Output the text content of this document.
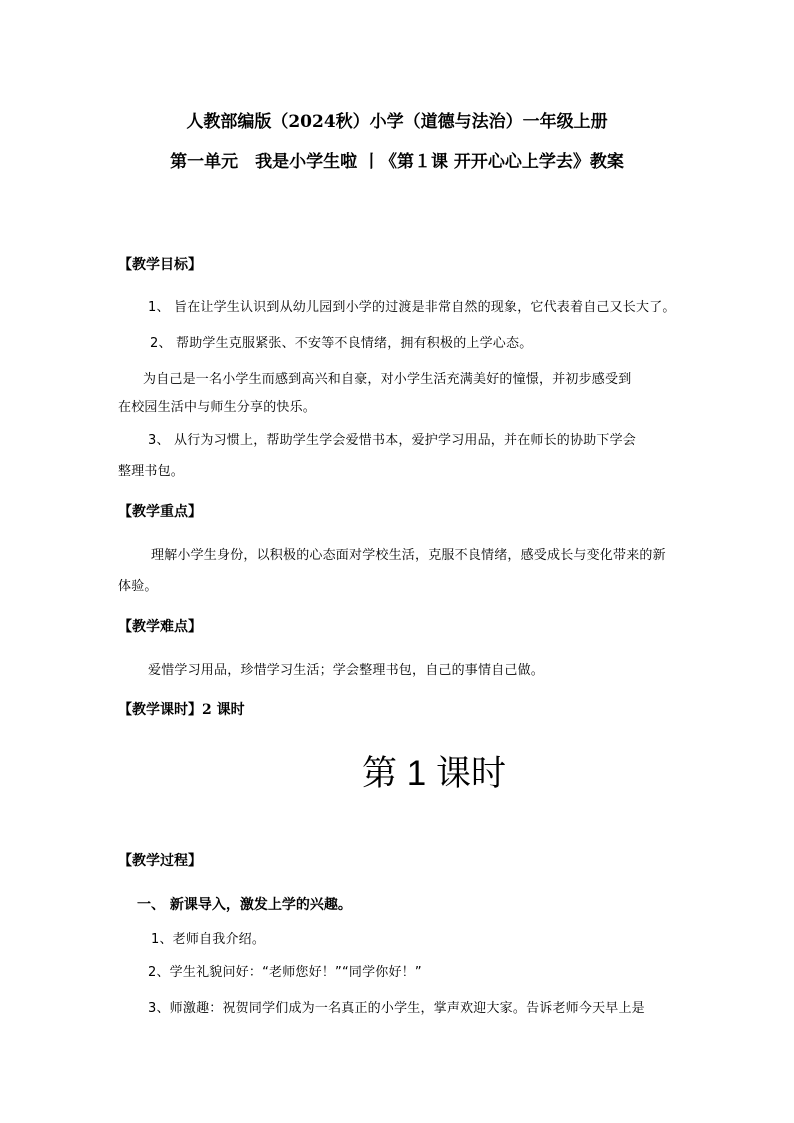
人教部编版（2024秋）小学（道德与法治）一年级上册
第一单元　我是小学生啦 丨《第１课 开开心心上学去》教案
【教学目标】

1、 旨在让学生认识到从幼儿园到小学的过渡是非常自然的现象，它代表着自己又长大了。

2、 帮助学生克服紧张、不安等不良情绪，拥有积极的上学心态。

为自己是一名小学生而感到高兴和自豪，对小学生活充满美好的憧憬，并初步感受到

在校园生活中与师生分享的快乐。

3、 从行为习惯上，帮助学生学会爱惜书本，爱护学习用品，并在师长的协助下学会

整理书包。

【教学重点】

理解小学生身份，以积极的心态面对学校生活，克服不良情绪，感受成长与变化带来的新

体验。

【教学难点】

爱惜学习用品，珍惜学习生活；学会整理书包，自己的事情自己做。

【教学课时】2 课时
第 1 课时
【教学过程】
一、 新课导入，激发上学的兴趣。

1、老师自我介绍。

2、学生礼貌问好：“老师您好！”“同学你好！”

3、师激趣：祝贺同学们成为一名真正的小学生，掌声欢迎大家。告诉老师今天早上是
